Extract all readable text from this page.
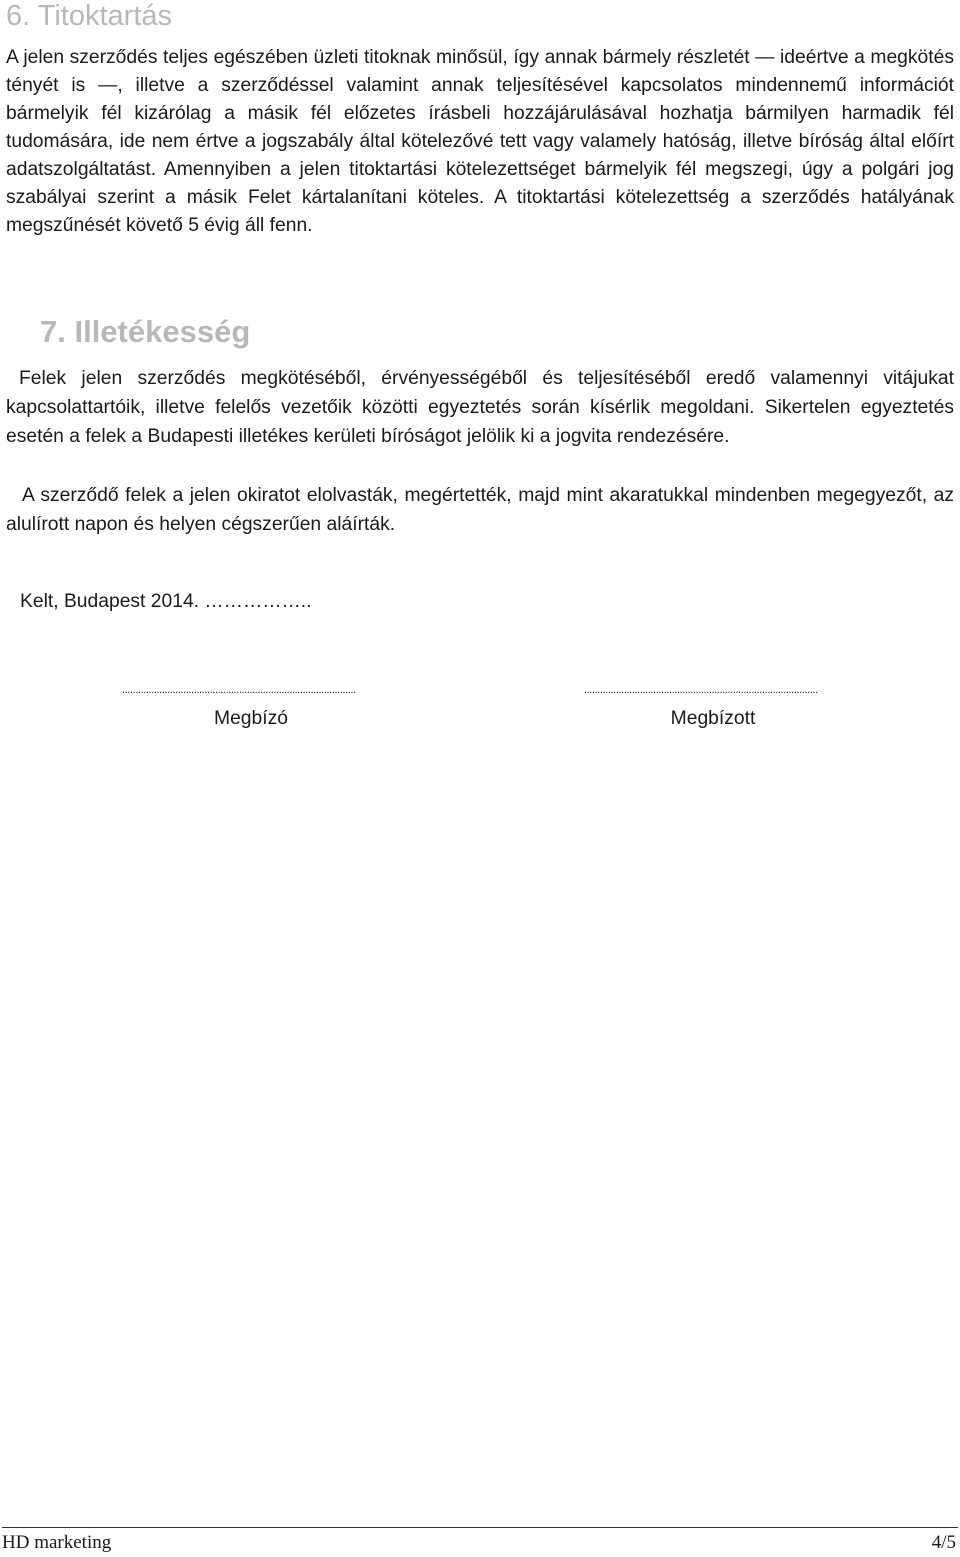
6. Titoktartás

A jelen szerződés teljes egészében üzleti titoknak minősül, így annak bármely részletét — ideértve a megkötés tényét is —, illetve a szerződéssel valamint annak teljesítésével kapcsolatos mindennemű információt bármelyik fél kizárólag a másik fél előzetes írásbeli hozzájárulásával hozhatja bármilyen harmadik fél tudomására, ide nem értve a jogszabály által kötelezővé tett vagy valamely hatóság, illetve bíróság által előírt adatszolgáltatást. Amennyiben a jelen titoktartási kötelezettséget bármelyik fél megszegi, úgy a polgári jog szabályai szerint a másik Felet kártalanítani köteles. A titoktartási kötelezettség a szerződés hatályának megszűnését követő 5 évig áll fenn.

7. Illetékesség

Felek jelen szerződés megkötéséből, érvényességéből és teljesítéséből eredő valamennyi vitájukat kapcsolattartóik, illetve felelős vezetőik közötti egyeztetés során kísérlik megoldani. Sikertelen egyeztetés esetén a felek a Budapesti illetékes kerületi bíróságot jelölik ki a jogvita rendezésére.

A szerződő felek a jelen okiratot elolvasták, megértették, majd mint akaratukkal mindenben megegyezőt, az alulírott napon és helyen cégszerűen aláírták.

Kelt, Budapest 2014. ……………..

........................................................................................
Megbízó
........................................................................................
Megbízott
HD marketing	4/5
